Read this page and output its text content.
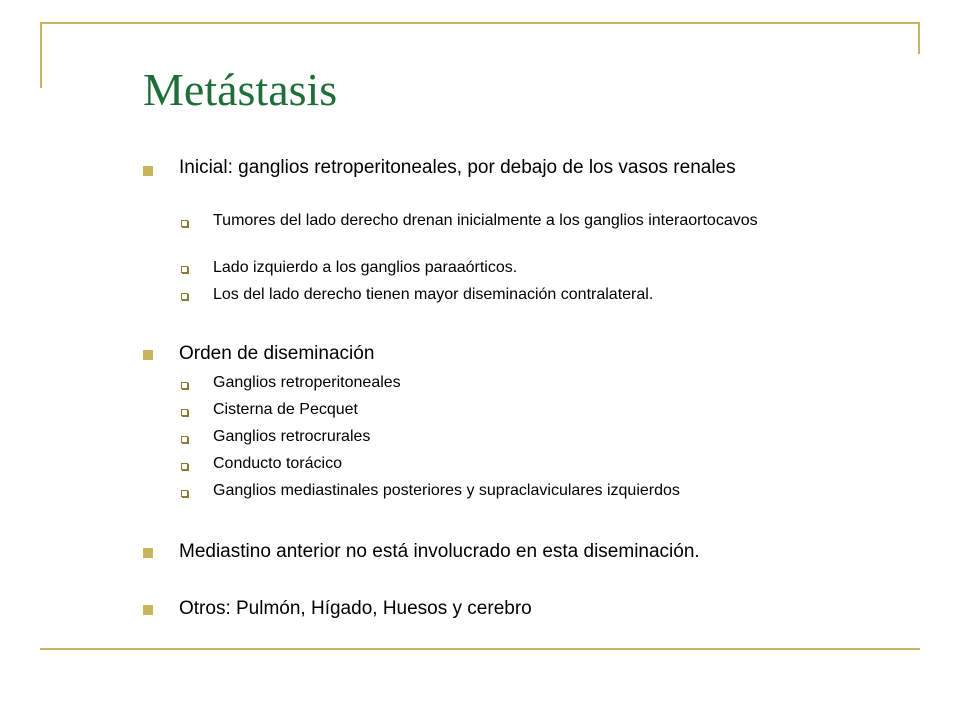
Metástasis
Inicial: ganglios retroperitoneales, por debajo de los vasos renales
Tumores del lado derecho drenan inicialmente a los ganglios interaortocavos
Lado izquierdo a los ganglios paraaórticos.
Los del lado derecho tienen mayor diseminación contralateral.
Orden de diseminación
Ganglios retroperitoneales
Cisterna de Pecquet
Ganglios retrocrurales
Conducto torácico
Ganglios mediastinales posteriores y supraclaviculares izquierdos
Mediastino anterior no está involucrado en esta diseminación.
Otros: Pulmón, Hígado, Huesos y cerebro
